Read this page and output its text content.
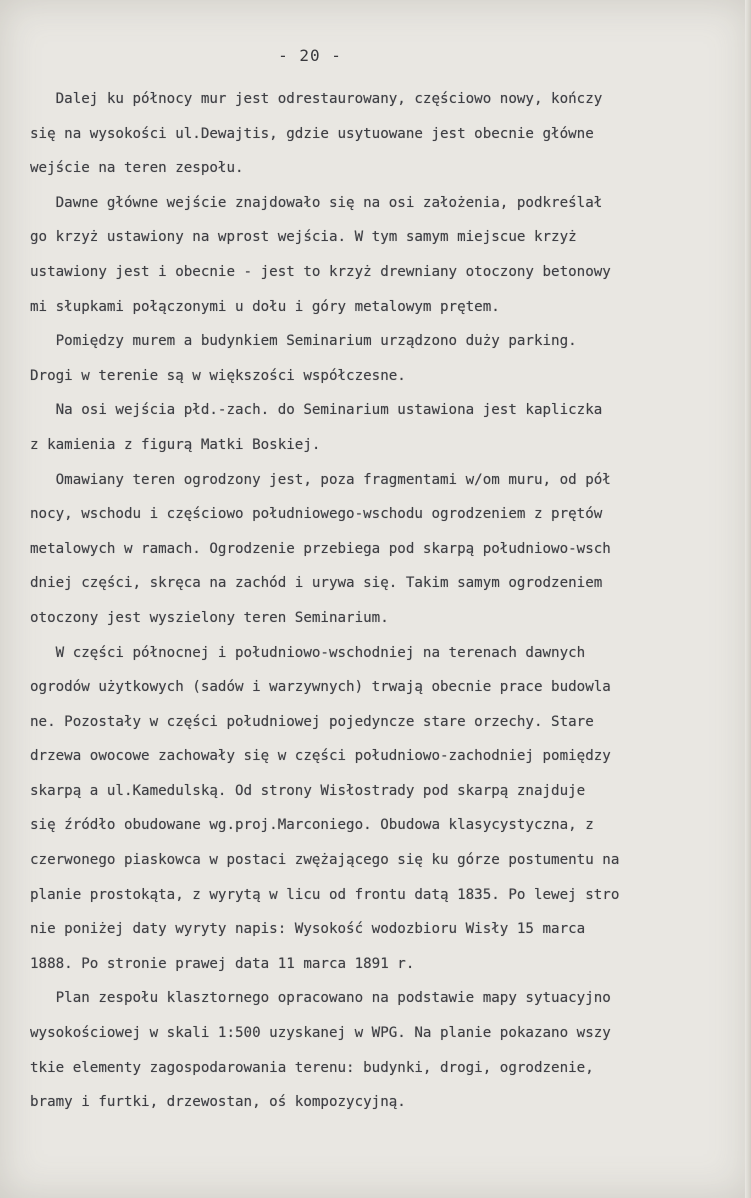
- 20 -
Dalej ku północy mur jest odrestaurowany, częściowo nowy, kończy
się na wysokości ul.Dewajtis, gdzie usytuowane jest obecnie główne
wejście na teren zespołu.
Dawne główne wejście znajdowało się na osi założenia, podkreślał
go krzyż ustawiony na wprost wejścia. W tym samym miejscue krzyż
ustawiony jest i obecnie - jest to krzyż drewniany otoczony betonowy
mi słupkami połączonymi u dołu i góry metalowym prętem.
Pomiędzy murem a budynkiem Seminarium urządzono duży parking.
Drogi w terenie są w większości współczesne.
Na osi wejścia płd.-zach. do Seminarium ustawiona jest kapliczka
z kamienia z figurą Matki Boskiej.
Omawiany teren ogrodzony jest, poza fragmentami w/om muru, od pół
nocy, wschodu i częściowo południowego-wschodu ogrodzeniem z prętów
metalowych w ramach. Ogrodzenie przebiega pod skarpą południowo-wsch
dniej części, skręca na zachód i urywa się. Takim samym ogrodzeniem
otoczony jest wyszielony teren Seminarium.
W części północnej i południowo-wschodniej na terenach dawnych
ogrodów użytkowych (sadów i warzywnych) trwają obecnie prace budowla
ne. Pozostały w części południowej pojedyncze stare orzechy. Stare
drzewa owocowe zachowały się w części południowo-zachodniej pomiędzy
skarpą a ul.Kamedulską. Od strony Wisłostrady pod skarpą znajduje
się źródło obudowane wg.proj.Marconiego. Obudowa klasycystyczna, z
czerwonego piaskowca w postaci zwężającego się ku górze postumentu na
planie prostokąta, z wyrytą w licu od frontu datą 1835. Po lewej stro
nie poniżej daty wyryty napis: Wysokość wodozbioru Wisły 15 marca
1888. Po stronie prawej data 11 marca 1891 r.
Plan zespołu klasztornego opracowano na podstawie mapy sytuacyjno
wysokościowej w skali 1:500 uzyskanej w WPG. Na planie pokazano wszy
tkie elementy zagospodarowania terenu: budynki, drogi, ogrodzenie,
bramy i furtki, drzewostan, oś kompozycyjną.
